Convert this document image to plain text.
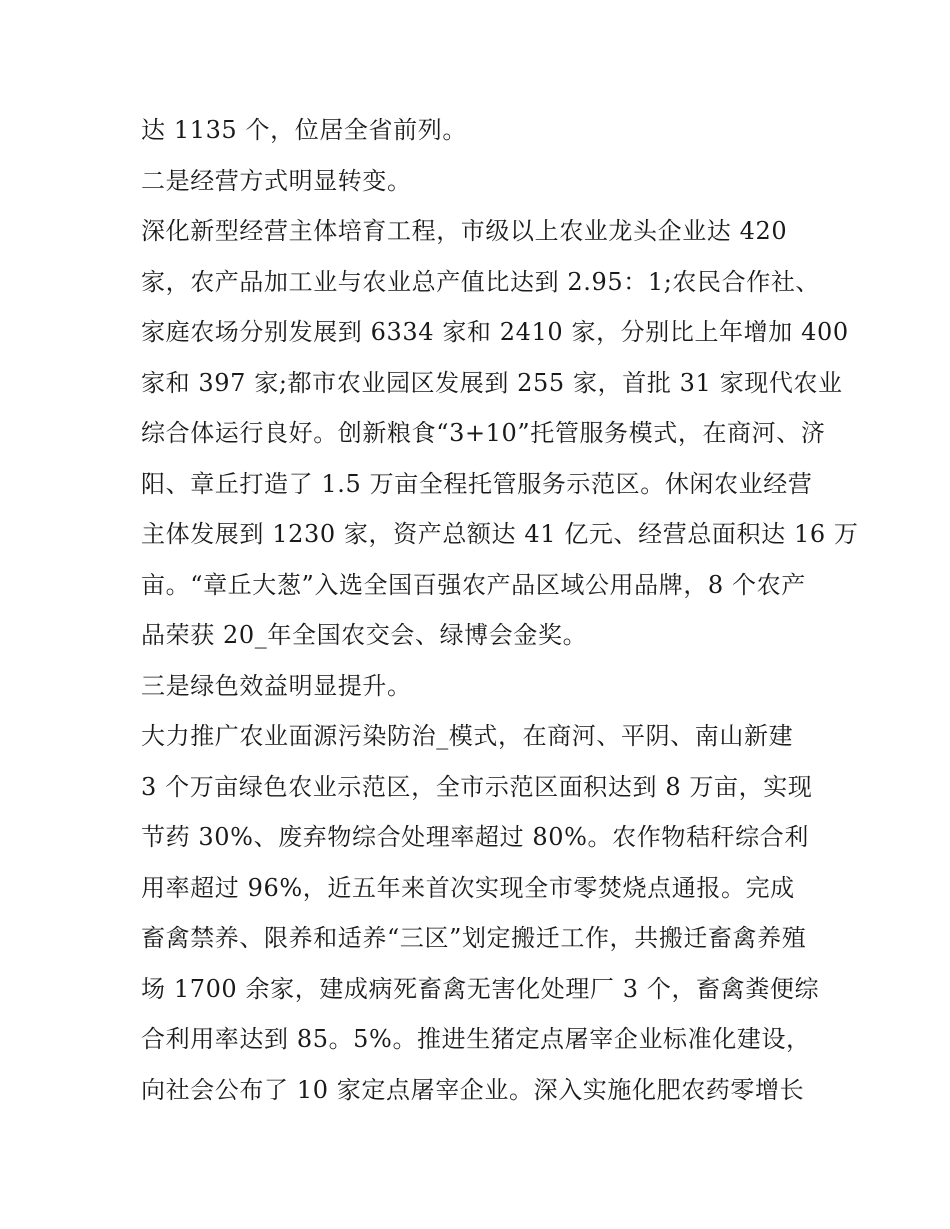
达 1135 个，位居全省前列。
二是经营方式明显转变。
深化新型经营主体培育工程，市级以上农业龙头企业达 420
家，农产品加工业与农业总产值比达到 2.95：1;农民合作社、
家庭农场分别发展到 6334 家和 2410 家，分别比上年增加 400
家和 397 家;都市农业园区发展到 255 家，首批 31 家现代农业
综合体运行良好。创新粮食“3+10”托管服务模式，在商河、济
阳、章丘打造了 1.5 万亩全程托管服务示范区。休闲农业经营
主体发展到 1230 家，资产总额达 41 亿元、经营总面积达 16 万
亩。“章丘大葱”入选全国百强农产品区域公用品牌，8 个农产
品荣获 20_年全国农交会、绿博会金奖。
三是绿色效益明显提升。
大力推广农业面源污染防治_模式，在商河、平阴、南山新建
3 个万亩绿色农业示范区，全市示范区面积达到 8 万亩，实现
节药 30%、废弃物综合处理率超过 80%。农作物秸秆综合利
用率超过 96%，近五年来首次实现全市零焚烧点通报。完成
畜禽禁养、限养和适养“三区”划定搬迁工作，共搬迁畜禽养殖
场 1700 余家，建成病死畜禽无害化处理厂 3 个，畜禽粪便综
合利用率达到 85。5%。推进生猪定点屠宰企业标准化建设，
向社会公布了 10 家定点屠宰企业。深入实施化肥农药零增长
